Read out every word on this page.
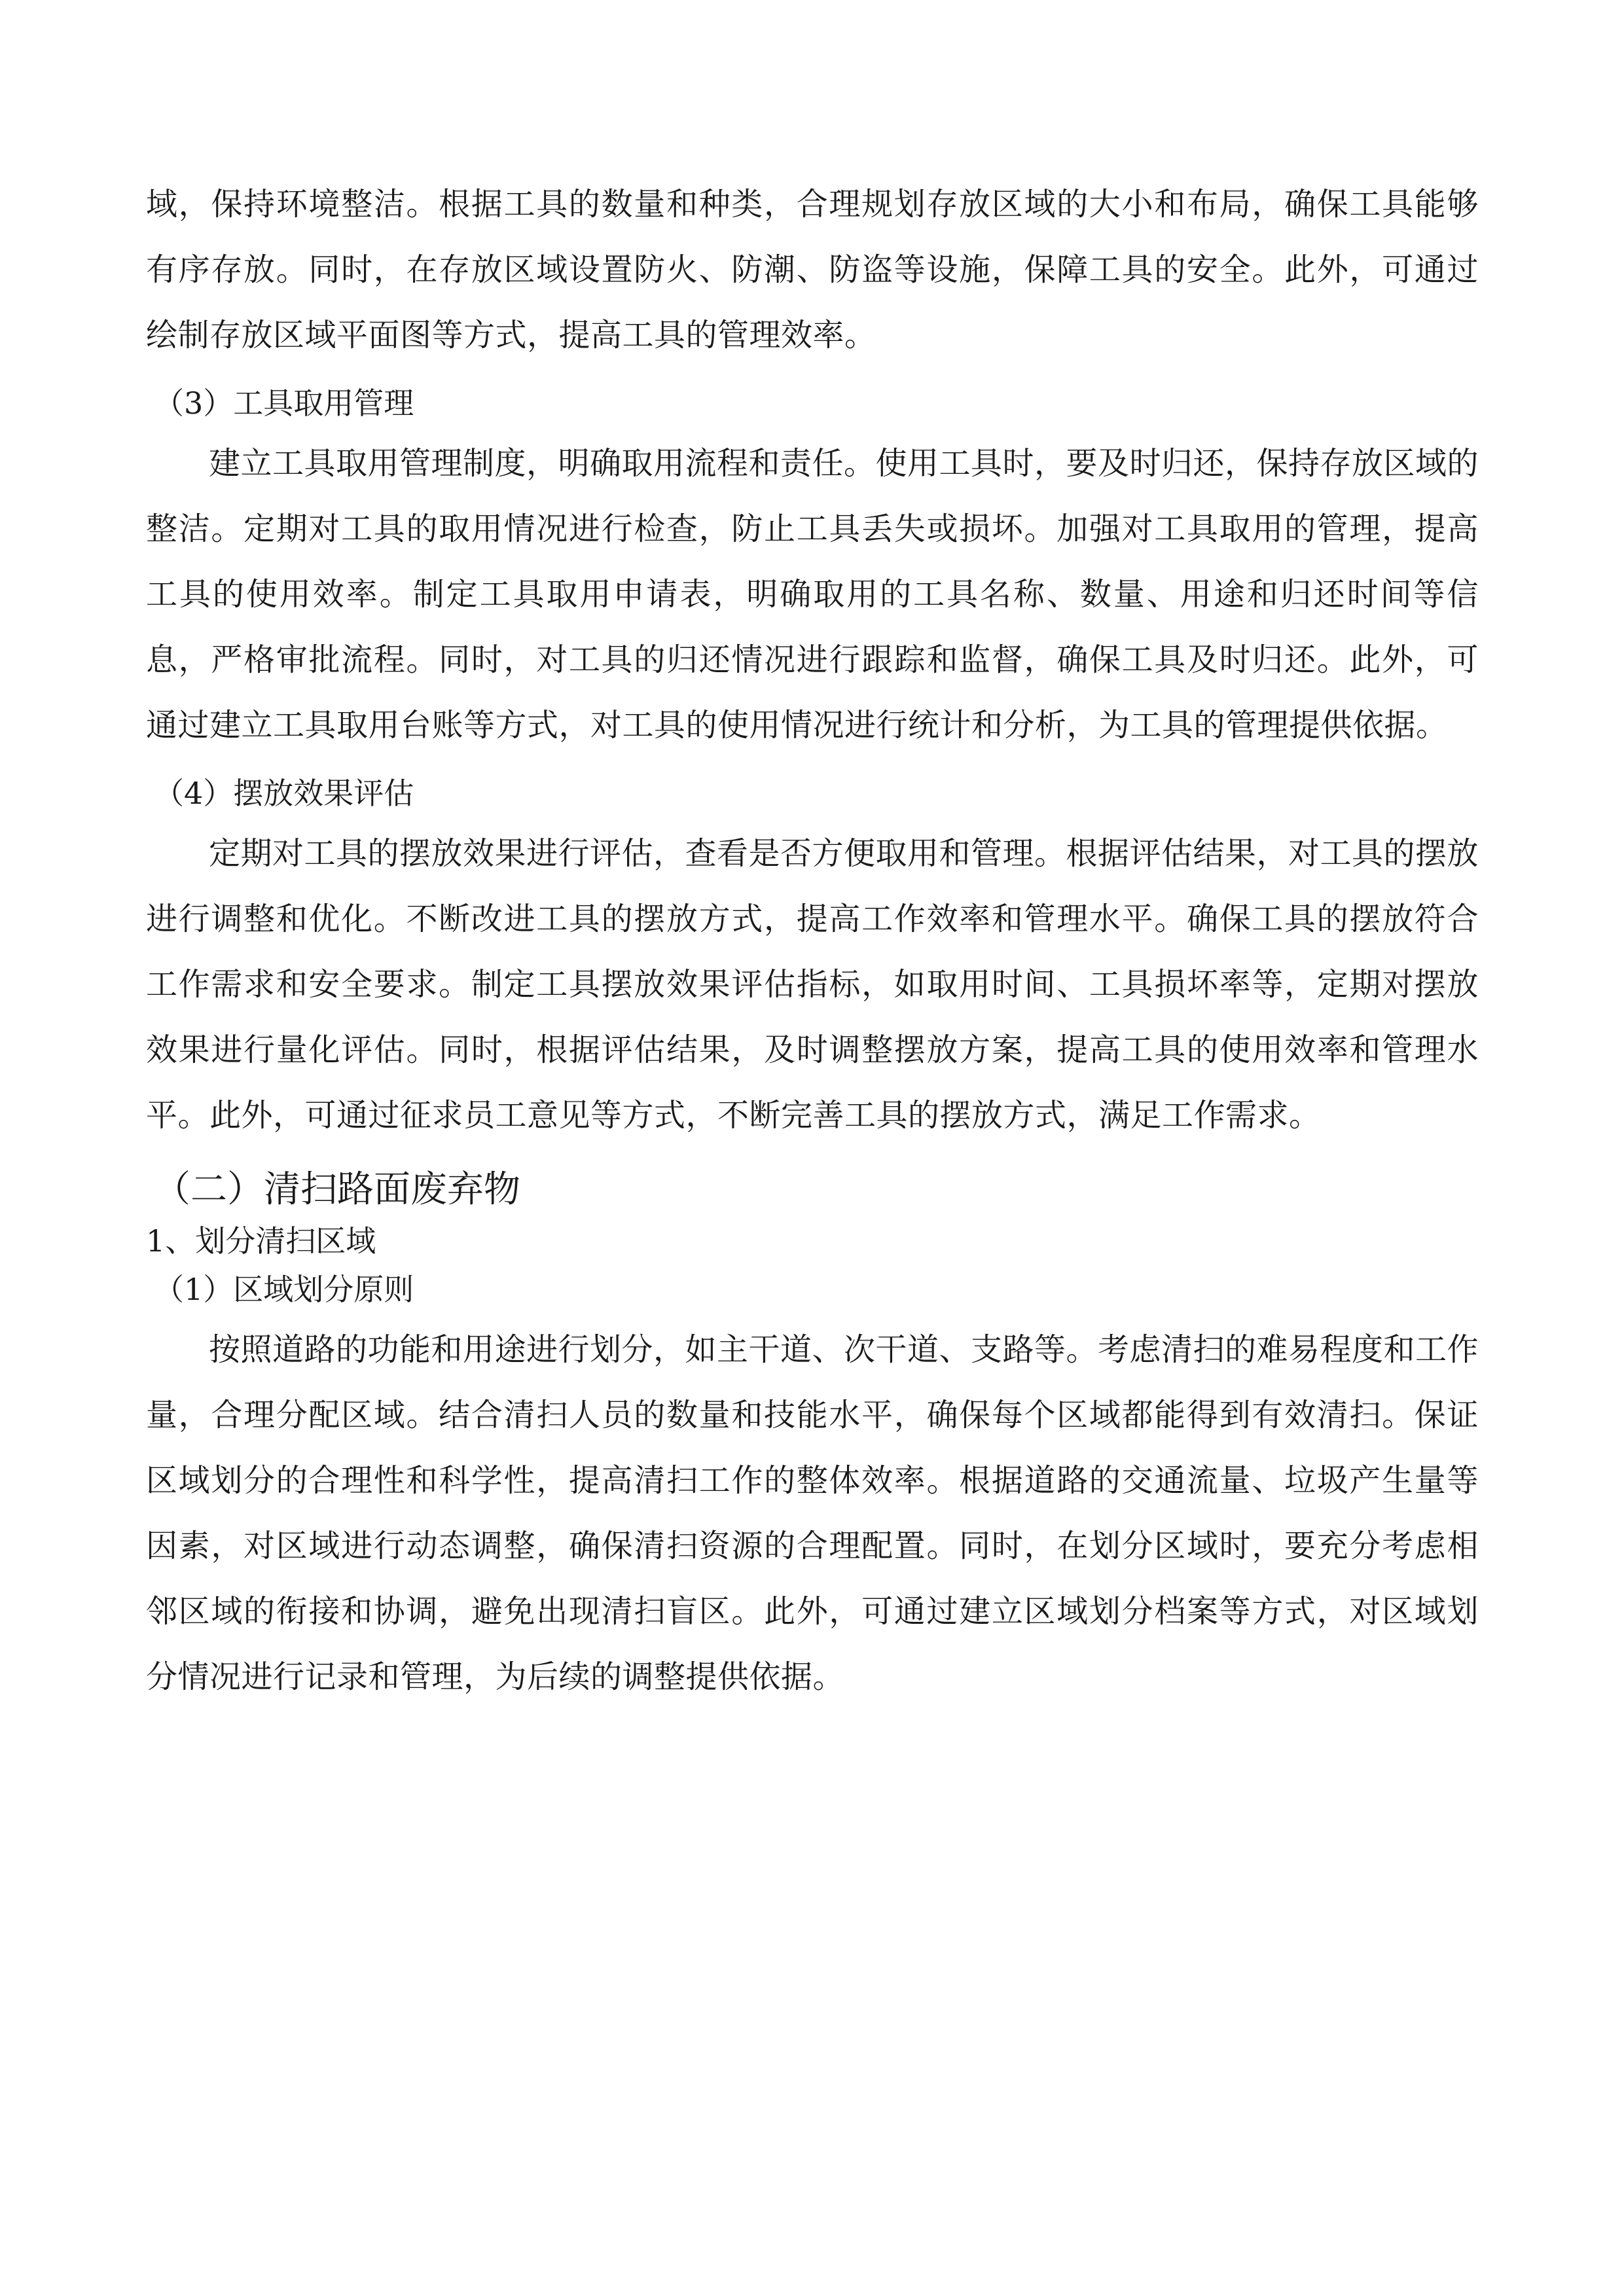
域，保持环境整洁。根据工具的数量和种类，合理规划存放区域的大小和布局，确保工具能够有序存放。同时，在存放区域设置防火、防潮、防盗等设施，保障工具的安全。此外，可通过绘制存放区域平面图等方式，提高工具的管理效率。

（3）工具取用管理

建立工具取用管理制度，明确取用流程和责任。使用工具时，要及时归还，保持存放区域的整洁。定期对工具的取用情况进行检查，防止工具丢失或损坏。加强对工具取用的管理，提高工具的使用效率。制定工具取用申请表，明确取用的工具名称、数量、用途和归还时间等信息，严格审批流程。同时，对工具的归还情况进行跟踪和监督，确保工具及时归还。此外，可通过建立工具取用台账等方式，对工具的使用情况进行统计和分析，为工具的管理提供依据。

（4）摆放效果评估

定期对工具的摆放效果进行评估，查看是否方便取用和管理。根据评估结果，对工具的摆放进行调整和优化。不断改进工具的摆放方式，提高工作效率和管理水平。确保工具的摆放符合工作需求和安全要求。制定工具摆放效果评估指标，如取用时间、工具损坏率等，定期对摆放效果进行量化评估。同时，根据评估结果，及时调整摆放方案，提高工具的使用效率和管理水平。此外，可通过征求员工意见等方式，不断完善工具的摆放方式，满足工作需求。

（二）清扫路面废弃物

1、划分清扫区域

（1）区域划分原则

按照道路的功能和用途进行划分，如主干道、次干道、支路等。考虑清扫的难易程度和工作量，合理分配区域。结合清扫人员的数量和技能水平，确保每个区域都能得到有效清扫。保证区域划分的合理性和科学性，提高清扫工作的整体效率。根据道路的交通流量、垃圾产生量等因素，对区域进行动态调整，确保清扫资源的合理配置。同时，在划分区域时，要充分考虑相邻区域的衔接和协调，避免出现清扫盲区。此外，可通过建立区域划分档案等方式，对区域划分情况进行记录和管理，为后续的调整提供依据。
